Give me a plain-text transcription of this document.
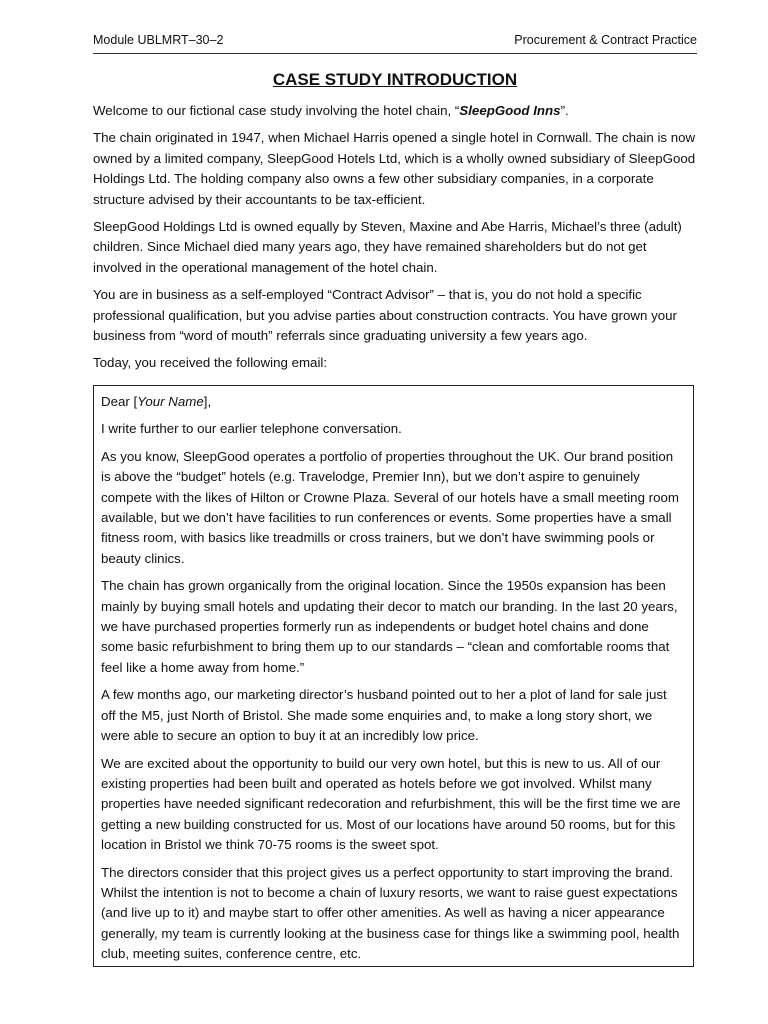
Module UBLMRT–30–2	Procurement & Contract Practice
CASE STUDY INTRODUCTION

Welcome to our fictional case study involving the hotel chain, “SleepGood Inns”.

The chain originated in 1947, when Michael Harris opened a single hotel in Cornwall. The chain is now owned by a limited company, SleepGood Hotels Ltd, which is a wholly owned subsidiary of SleepGood Holdings Ltd. The holding company also owns a few other subsidiary companies, in a corporate structure advised by their accountants to be tax-efficient.

SleepGood Holdings Ltd is owned equally by Steven, Maxine and Abe Harris, Michael’s three (adult) children. Since Michael died many years ago, they have remained shareholders but do not get involved in the operational management of the hotel chain.

You are in business as a self-employed “Contract Advisor” – that is, you do not hold a specific professional qualification, but you advise parties about construction contracts. You have grown your business from “word of mouth” referrals since graduating university a few years ago.

Today, you received the following email:

Dear [Your Name],

I write further to our earlier telephone conversation.

As you know, SleepGood operates a portfolio of properties throughout the UK. Our brand position is above the “budget” hotels (e.g. Travelodge, Premier Inn), but we don’t aspire to genuinely compete with the likes of Hilton or Crowne Plaza. Several of our hotels have a small meeting room available, but we don’t have facilities to run conferences or events. Some properties have a small fitness room, with basics like treadmills or cross trainers, but we don’t have swimming pools or beauty clinics.

The chain has grown organically from the original location. Since the 1950s expansion has been mainly by buying small hotels and updating their decor to match our branding. In the last 20 years, we have purchased properties formerly run as independents or budget hotel chains and done some basic refurbishment to bring them up to our standards – “clean and comfortable rooms that feel like a home away from home.”

A few months ago, our marketing director’s husband pointed out to her a plot of land for sale just off the M5, just North of Bristol. She made some enquiries and, to make a long story short, we were able to secure an option to buy it at an incredibly low price.

We are excited about the opportunity to build our very own hotel, but this is new to us. All of our existing properties had been built and operated as hotels before we got involved. Whilst many properties have needed significant redecoration and refurbishment, this will be the first time we are getting a new building constructed for us. Most of our locations have around 50 rooms, but for this location in Bristol we think 70-75 rooms is the sweet spot.

The directors consider that this project gives us a perfect opportunity to start improving the brand. Whilst the intention is not to become a chain of luxury resorts, we want to raise guest expectations (and live up to it) and maybe start to offer other amenities. As well as having a nicer appearance generally, my team is currently looking at the business case for things like a swimming pool, health club, meeting suites, conference centre, etc.
